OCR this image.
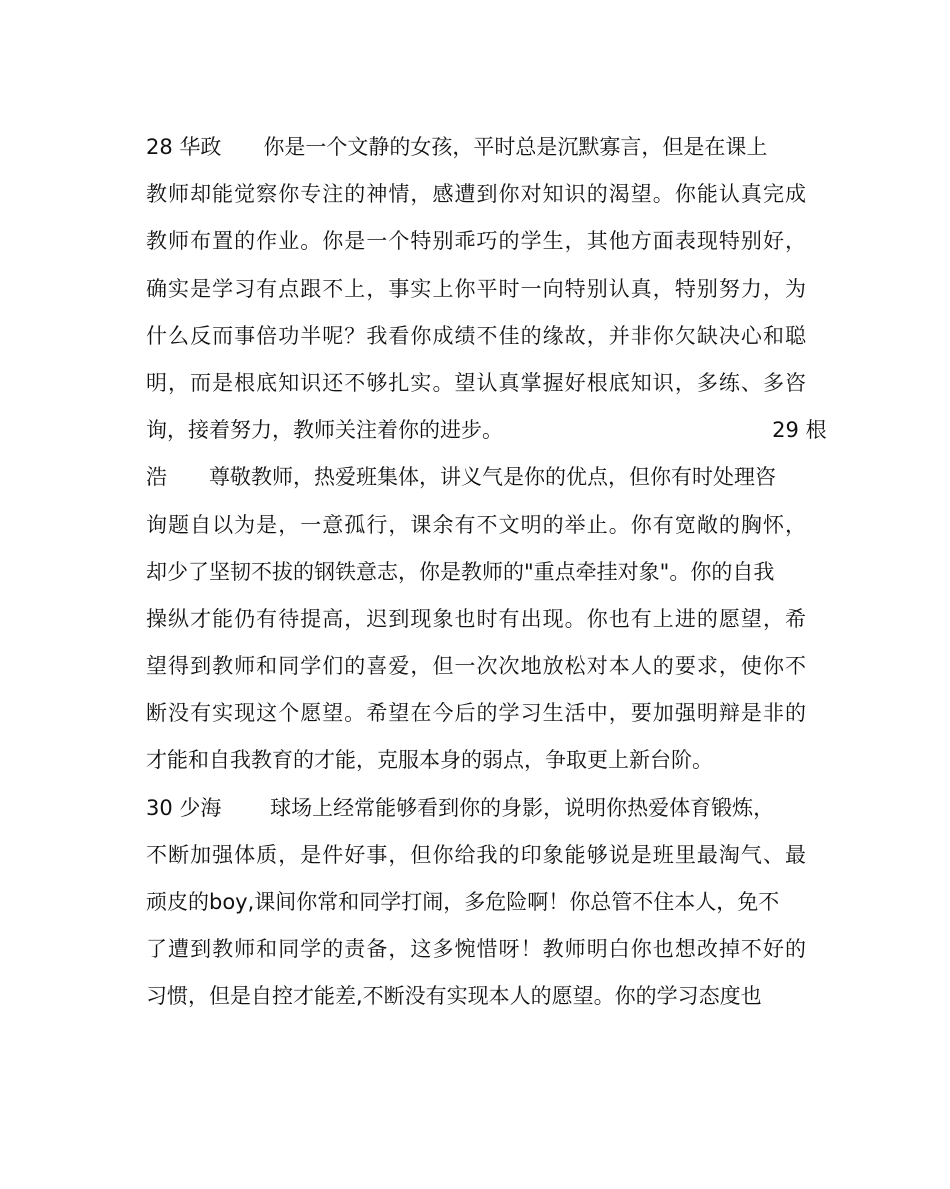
28 华政　　你是一个文静的女孩，平时总是沉默寡言，但是在课上
教师却能觉察你专注的神情，感遭到你对知识的渴望。你能认真完成
教师布置的作业。你是一个特别乖巧的学生，其他方面表现特别好，
确实是学习有点跟不上，事实上你平时一向特别认真，特别努力，为
什么反而事倍功半呢？我看你成绩不佳的缘故，并非你欠缺决心和聪
明，而是根底知识还不够扎实。望认真掌握好根底知识，多练、多咨
询，接着努力，教师关注着你的进步。　　　　　　　　　　　　　 29 根
浩　　尊敬教师，热爱班集体，讲义气是你的优点，但你有时处理咨
询题自以为是，一意孤行，课余有不文明的举止。你有宽敞的胸怀，
却少了坚韧不拔的钢铁意志，你是教师的"重点牵挂对象"。你的自我
操纵才能仍有待提高，迟到现象也时有出现。你也有上进的愿望，希
望得到教师和同学们的喜爱，但一次次地放松对本人的要求，使你不
断没有实现这个愿望。希望在今后的学习生活中，要加强明辩是非的
才能和自我教育的才能，克服本身的弱点，争取更上新台阶。
30 少海　　 球场上经常能够看到你的身影，说明你热爱体育锻炼，
不断加强体质，是件好事，但你给我的印象能够说是班里最淘气、最
顽皮的boy,课间你常和同学打闹，多危险啊！你总管不住本人，免不
了遭到教师和同学的责备，这多惋惜呀！教师明白你也想改掉不好的
习惯，但是自控才能差,不断没有实现本人的愿望。你的学习态度也
